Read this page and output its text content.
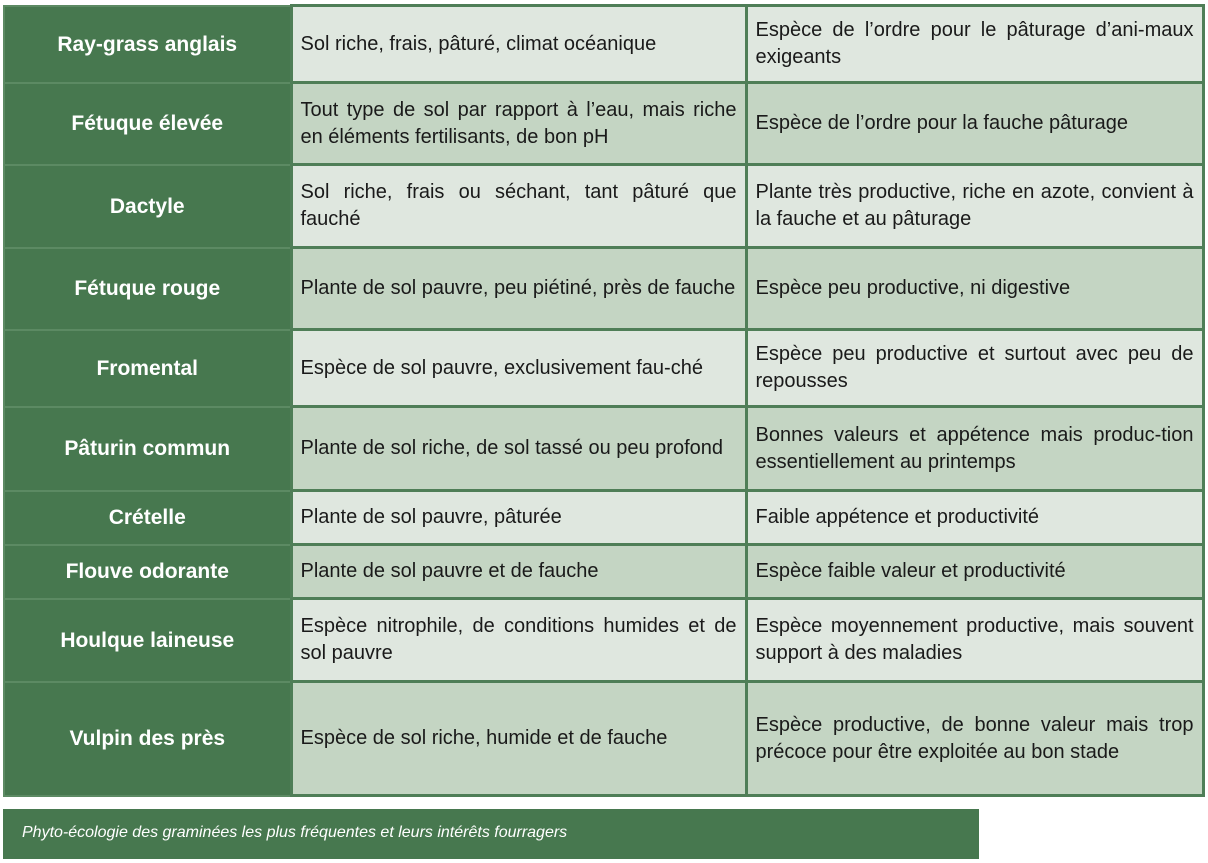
Ray-grass anglais	Sol riche, frais, pâturé, climat océanique	Espèce de l’ordre pour le pâturage d’ani-maux exigeants
Fétuque élevée	Tout type de sol par rapport à l’eau, mais riche en éléments fertilisants, de bon pH	Espèce de l’ordre pour la fauche pâturage
Dactyle	Sol riche, frais ou séchant, tant pâturé que fauché	Plante très productive, riche en azote, convient à la fauche et au pâturage
Fétuque rouge	Plante de sol pauvre, peu piétiné, près de fauche	Espèce peu productive, ni digestive
Fromental	Espèce de sol pauvre, exclusivement fau-ché	Espèce peu productive et surtout avec peu de repousses
Pâturin commun	Plante de sol riche, de sol tassé ou peu profond	Bonnes valeurs et appétence mais produc-tion essentiellement au printemps
Crételle	Plante de sol pauvre, pâturée	Faible appétence et productivité
Flouve odorante	Plante de sol pauvre et de fauche	Espèce faible valeur et productivité
Houlque laineuse	Espèce nitrophile, de conditions humides et de sol pauvre	Espèce moyennement productive, mais souvent support à des maladies
Vulpin des près	Espèce de sol riche, humide et de fauche	Espèce productive, de bonne valeur mais trop précoce pour être exploitée au bon stade
Phyto-écologie des graminées les plus fréquentes et leurs intérêts fourragers
